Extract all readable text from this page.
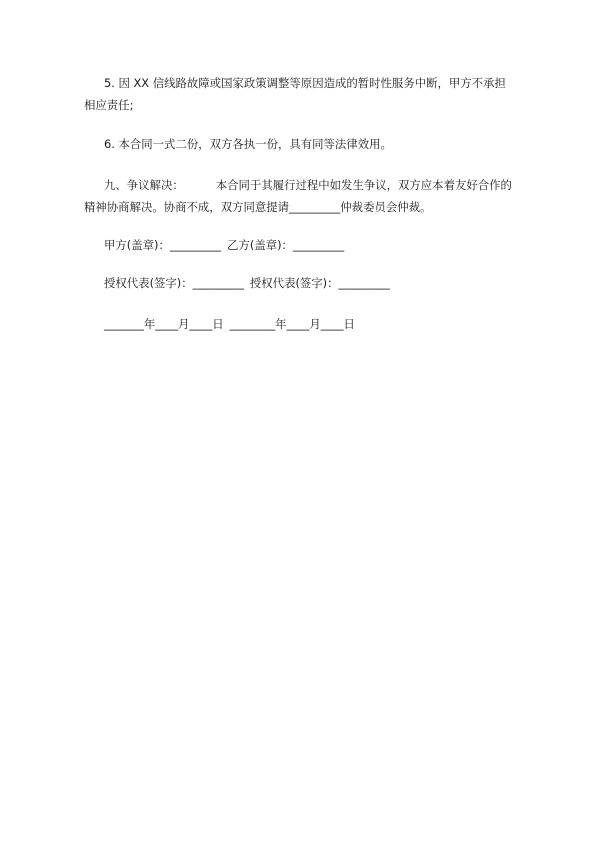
5. 因 XX 信线路故障或国家政策调整等原因造成的暂时性服务中断，甲方不承担
相应责任;
6. 本合同一式二份，双方各执一份，具有同等法律效用。
九、争议解决：	本合同于其履行过程中如发生争议，双方应本着友好合作的
精神协商解决。协商不成，双方同意提请_________仲裁委员会仲裁。
甲方(盖章)：_________ 乙方(盖章)：_________
授权代表(签字)：_________ 授权代表(签字)：_________
_______年____月____日 ________年____月____日
